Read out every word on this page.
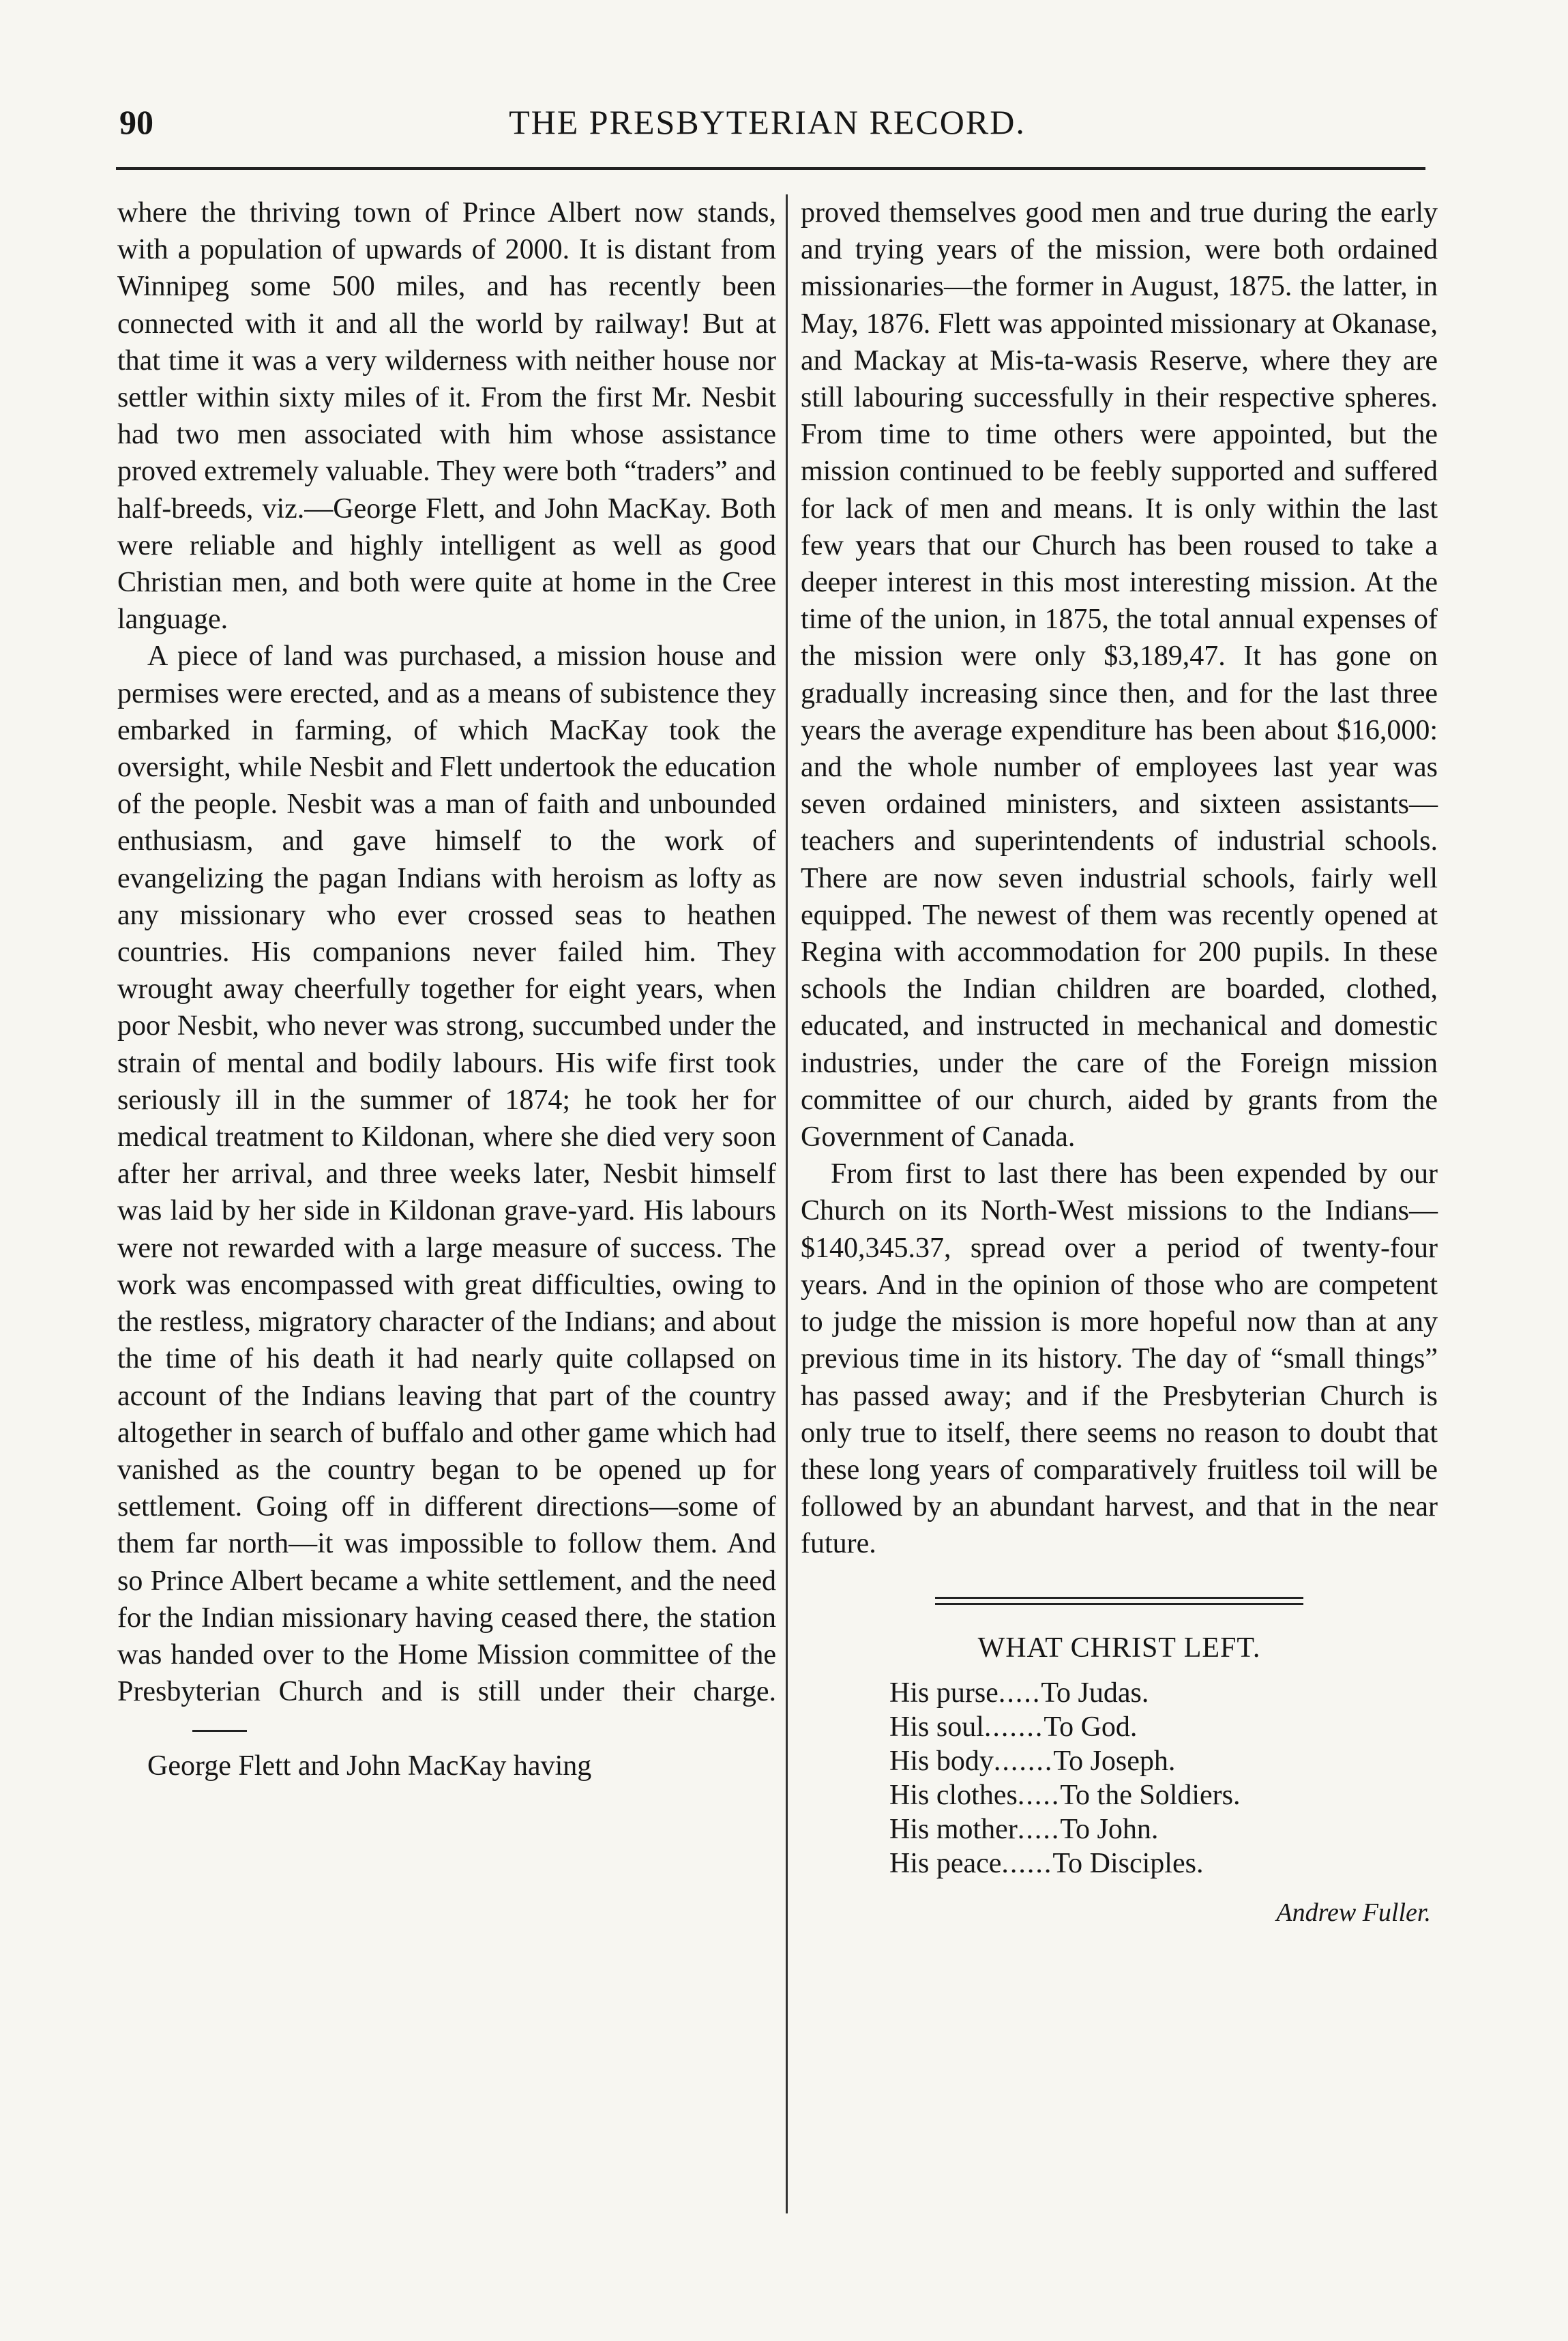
90	THE PRESBYTERIAN RECORD.

where the thriving town of Prince Albert now stands, with a population of upwards of 2000. It is distant from Winnipeg some 500 miles, and has recently been connected with it and all the world by railway! But at that time it was a very wilderness with neither house nor settler within sixty miles of it. From the first Mr. Nesbit had two men associated with him whose assistance proved extremely valuable. They were both “traders” and half-breeds, viz.—George Flett, and John MacKay. Both were reliable and highly intelligent as well as good Christian men, and both were quite at home in the Cree language.

A piece of land was purchased, a mission house and permises were erected, and as a means of subistence they embarked in farming, of which MacKay took the oversight, while Nesbit and Flett undertook the education of the people. Nesbit was a man of faith and unbounded enthusiasm, and gave himself to the work of evangelizing the pagan Indians with heroism as lofty as any missionary who ever crossed seas to heathen countries. His companions never failed him. They wrought away cheerfully together for eight years, when poor Nesbit, who never was strong, succumbed under the strain of mental and bodily labours. His wife first took seriously ill in the summer of 1874; he took her for medical treatment to Kildonan, where she died very soon after her arrival, and three weeks later, Nesbit himself was laid by her side in Kildonan grave-yard. His labours were not rewarded with a large measure of success. The work was encompassed with great difficulties, owing to the restless, migratory character of the Indians; and about the time of his death it had nearly quite collapsed on account of the Indians leaving that part of the country altogether in search of buffalo and other game which had vanished as the country began to be opened up for settlement. Going off in different directions—some of them far north—it was impossible to follow them. And so Prince Albert became a white settlement, and the need for the Indian missionary having ceased there, the station was handed over to the Home Mission committee of the Presbyterian Church and is still under their charge.

George Flett and John MacKay having

proved themselves good men and true during the early and trying years of the mission, were both ordained missionaries—the former in August, 1875. the latter, in May, 1876. Flett was appointed missionary at Okanase, and Mackay at Mis-ta-wasis Reserve, where they are still labouring successfully in their respective spheres. From time to time others were appointed, but the mission continued to be feebly supported and suffered for lack of men and means. It is only within the last few years that our Church has been roused to take a deeper interest in this most interesting mission. At the time of the union, in 1875, the total annual expenses of the mission were only $3,189,47. It has gone on gradually increasing since then, and for the last three years the average expenditure has been about $16,000: and the whole number of employees last year was seven ordained ministers, and sixteen assistants—teachers and superintendents of industrial schools. There are now seven industrial schools, fairly well equipped. The newest of them was recently opened at Regina with accommodation for 200 pupils. In these schools the Indian children are boarded, clothed, educated, and instructed in mechanical and domestic industries, under the care of the Foreign mission committee of our church, aided by grants from the Government of Canada.

From first to last there has been expended by our Church on its North-West missions to the Indians—$140,345.37, spread over a period of twenty-four years. And in the opinion of those who are competent to judge the mission is more hopeful now than at any previous time in its history. The day of “small things” has passed away; and if the Presbyterian Church is only true to itself, there seems no reason to doubt that these long years of comparatively fruitless toil will be followed by an abundant harvest, and that in the near future.

WHAT CHRIST LEFT.
His purse ..... To Judas.
His soul ....... To God.
His body ....... To Joseph.
His clothes ..... To the Soldiers.
His mother ..... To John.
His peace ...... To Disciples.
Andrew Fuller.
